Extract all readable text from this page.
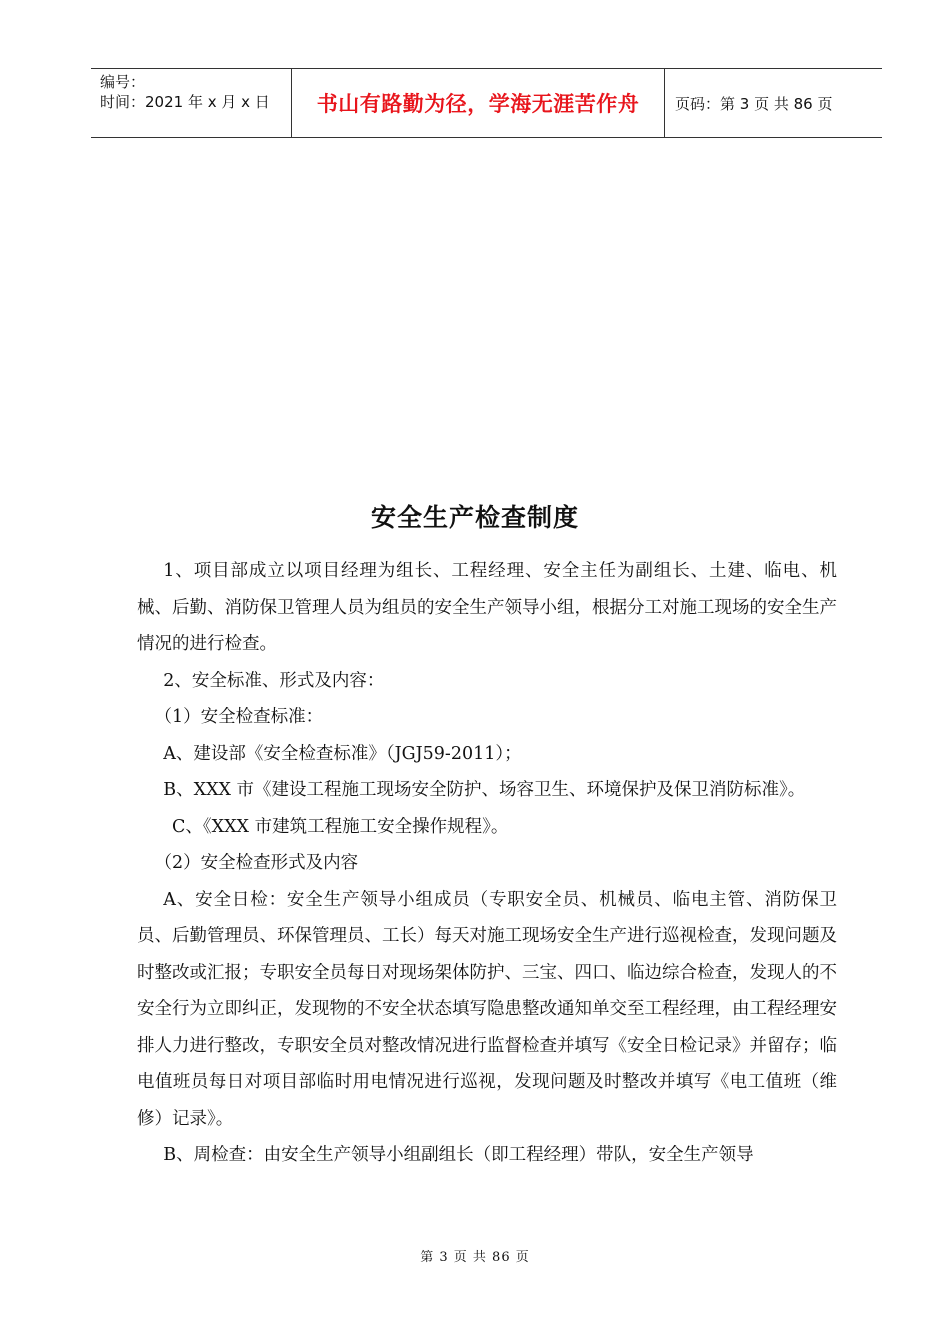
编号：
时间：2021 年 x 月 x 日	书山有路勤为径，学海无涯苦作舟	页码：第 3 页 共 86 页
安全生产检查制度

1、项目部成立以项目经理为组长、工程经理、安全主任为副组长、土建、临电、机械、后勤、消防保卫管理人员为组员的安全生产领导小组，根据分工对施工现场的安全生产情况的进行检查。

2、安全标准、形式及内容：

（1）安全检查标准：

A、建设部《安全检查标准》（JGJ59-2011）；

B、XXX 市《建设工程施工现场安全防护、场容卫生、环境保护及保卫消防标准》。

C、《XXX 市建筑工程施工安全操作规程》。

（2）安全检查形式及内容

A、安全日检：安全生产领导小组成员（专职安全员、机械员、临电主管、消防保卫员、后勤管理员、环保管理员、工长）每天对施工现场安全生产进行巡视检查，发现问题及时整改或汇报；专职安全员每日对现场架体防护、三宝、四口、临边综合检查，发现人的不安全行为立即纠正，发现物的不安全状态填写隐患整改通知单交至工程经理，由工程经理安排人力进行整改，专职安全员对整改情况进行监督检查并填写《安全日检记录》并留存；临电值班员每日对项目部临时用电情况进行巡视，发现问题及时整改并填写《电工值班（维修）记录》。

B、周检查：由安全生产领导小组副组长（即工程经理）带队，安全生产领导

第 3 页 共 86 页
